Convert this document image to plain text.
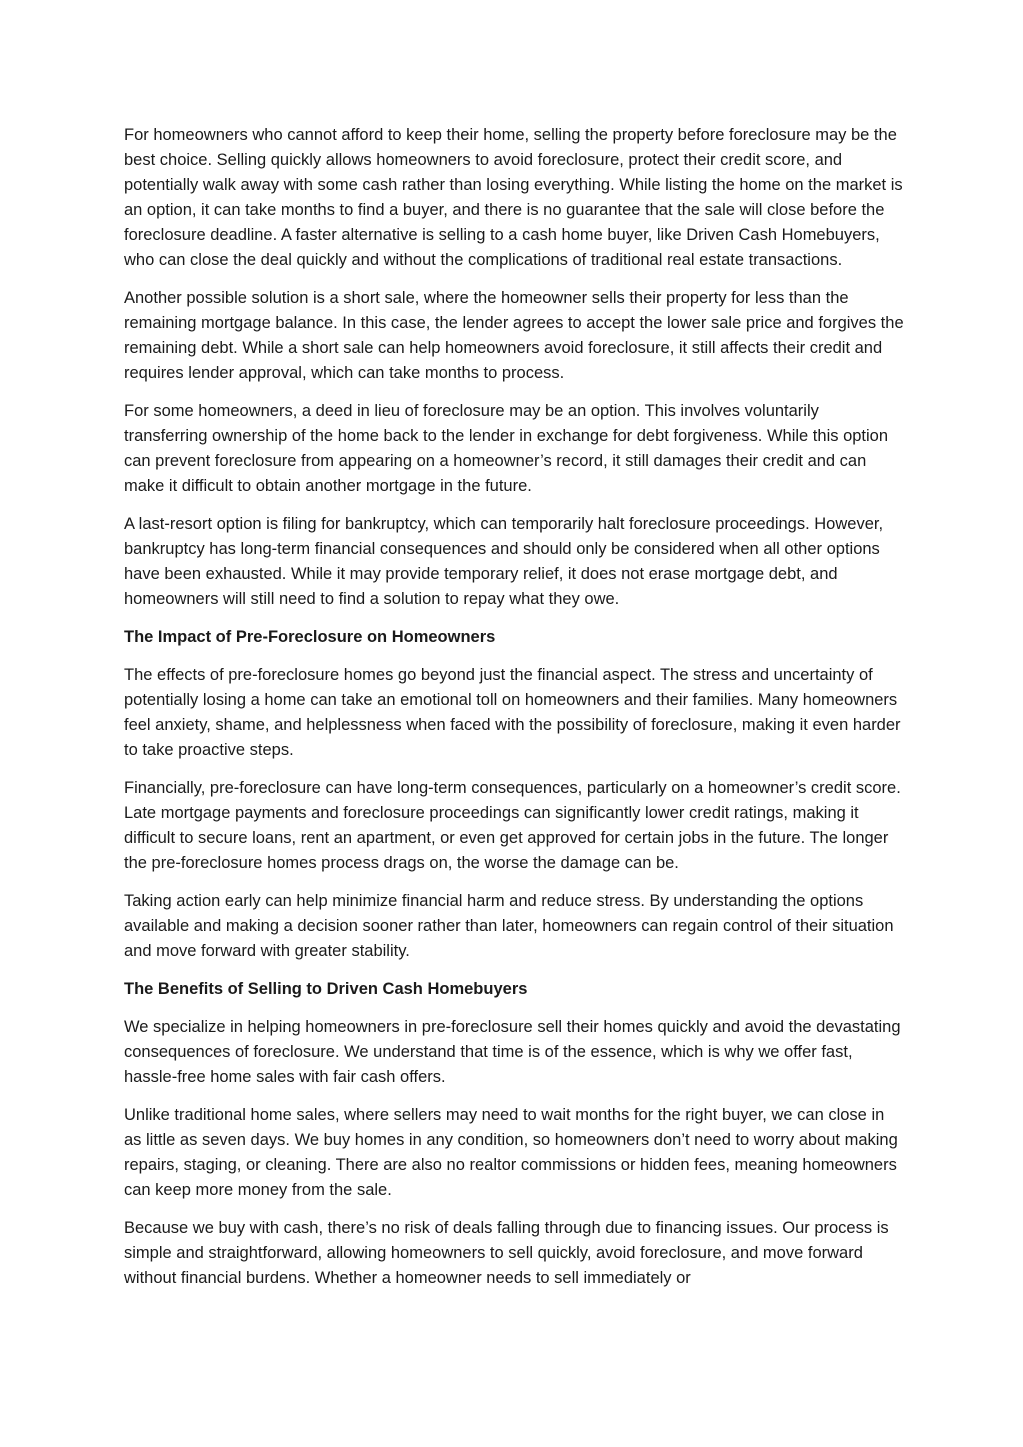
For homeowners who cannot afford to keep their home, selling the property before foreclosure may be the best choice. Selling quickly allows homeowners to avoid foreclosure, protect their credit score, and potentially walk away with some cash rather than losing everything. While listing the home on the market is an option, it can take months to find a buyer, and there is no guarantee that the sale will close before the foreclosure deadline. A faster alternative is selling to a cash home buyer, like Driven Cash Homebuyers, who can close the deal quickly and without the complications of traditional real estate transactions.

Another possible solution is a short sale, where the homeowner sells their property for less than the remaining mortgage balance. In this case, the lender agrees to accept the lower sale price and forgives the remaining debt. While a short sale can help homeowners avoid foreclosure, it still affects their credit and requires lender approval, which can take months to process.

For some homeowners, a deed in lieu of foreclosure may be an option. This involves voluntarily transferring ownership of the home back to the lender in exchange for debt forgiveness. While this option can prevent foreclosure from appearing on a homeowner’s record, it still damages their credit and can make it difficult to obtain another mortgage in the future.

A last-resort option is filing for bankruptcy, which can temporarily halt foreclosure proceedings. However, bankruptcy has long-term financial consequences and should only be considered when all other options have been exhausted. While it may provide temporary relief, it does not erase mortgage debt, and homeowners will still need to find a solution to repay what they owe.

The Impact of Pre-Foreclosure on Homeowners

The effects of pre-foreclosure homes go beyond just the financial aspect. The stress and uncertainty of potentially losing a home can take an emotional toll on homeowners and their families. Many homeowners feel anxiety, shame, and helplessness when faced with the possibility of foreclosure, making it even harder to take proactive steps.

Financially, pre-foreclosure can have long-term consequences, particularly on a homeowner’s credit score. Late mortgage payments and foreclosure proceedings can significantly lower credit ratings, making it difficult to secure loans, rent an apartment, or even get approved for certain jobs in the future. The longer the pre-foreclosure homes process drags on, the worse the damage can be.

Taking action early can help minimize financial harm and reduce stress. By understanding the options available and making a decision sooner rather than later, homeowners can regain control of their situation and move forward with greater stability.

The Benefits of Selling to Driven Cash Homebuyers

We specialize in helping homeowners in pre-foreclosure sell their homes quickly and avoid the devastating consequences of foreclosure. We understand that time is of the essence, which is why we offer fast, hassle-free home sales with fair cash offers.

Unlike traditional home sales, where sellers may need to wait months for the right buyer, we can close in as little as seven days. We buy homes in any condition, so homeowners don’t need to worry about making repairs, staging, or cleaning. There are also no realtor commissions or hidden fees, meaning homeowners can keep more money from the sale.

Because we buy with cash, there’s no risk of deals falling through due to financing issues. Our process is simple and straightforward, allowing homeowners to sell quickly, avoid foreclosure, and move forward without financial burdens. Whether a homeowner needs to sell immediately or
